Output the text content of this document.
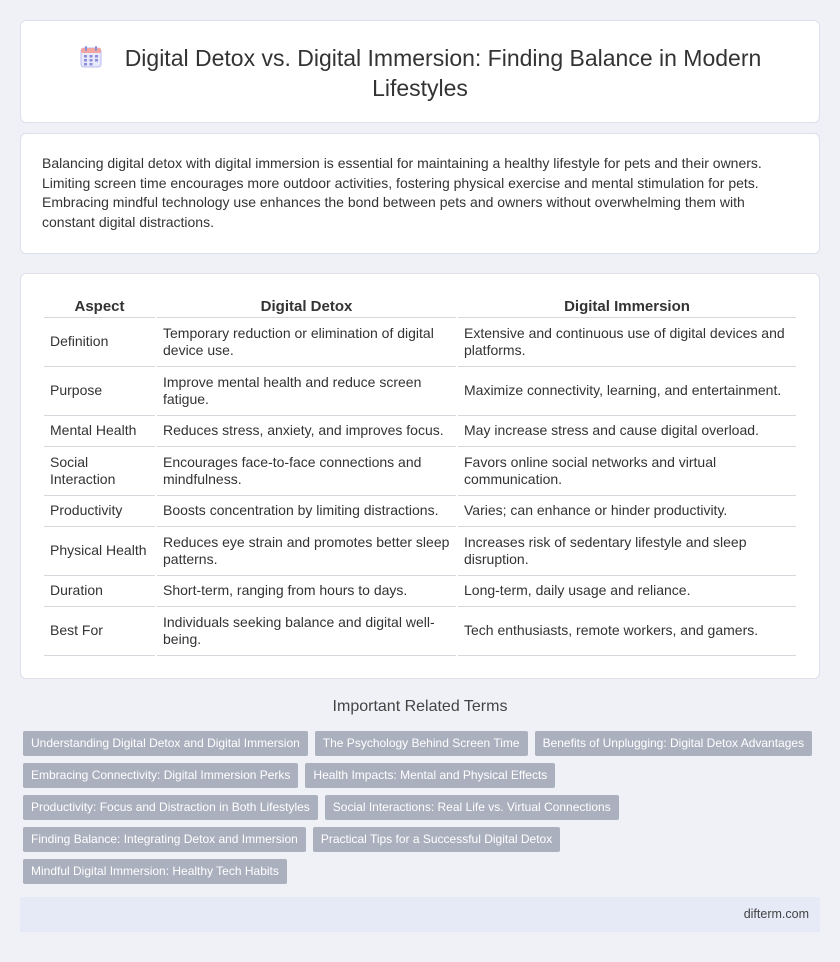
Digital Detox vs. Digital Immersion: Finding Balance in Modern Lifestyles

Balancing digital detox with digital immersion is essential for maintaining a healthy lifestyle for pets and their owners. Limiting screen time encourages more outdoor activities, fostering physical exercise and mental stimulation for pets. Embracing mindful technology use enhances the bond between pets and owners without overwhelming them with constant digital distractions.

Aspect	Digital Detox	Digital Immersion
Definition	Temporary reduction or elimination of digital device use.	Extensive and continuous use of digital devices and platforms.
Purpose	Improve mental health and reduce screen fatigue.	Maximize connectivity, learning, and entertainment.
Mental Health	Reduces stress, anxiety, and improves focus.	May increase stress and cause digital overload.
Social Interaction	Encourages face-to-face connections and mindfulness.	Favors online social networks and virtual communication.
Productivity	Boosts concentration by limiting distractions.	Varies; can enhance or hinder productivity.
Physical Health	Reduces eye strain and promotes better sleep patterns.	Increases risk of sedentary lifestyle and sleep disruption.
Duration	Short-term, ranging from hours to days.	Long-term, daily usage and reliance.
Best For	Individuals seeking balance and digital well-being.	Tech enthusiasts, remote workers, and gamers.
Important Related Terms
Understanding Digital Detox and Digital Immersion	The Psychology Behind Screen Time	Benefits of Unplugging: Digital Detox Advantages
Embracing Connectivity: Digital Immersion Perks	Health Impacts: Mental and Physical Effects
Productivity: Focus and Distraction in Both Lifestyles	Social Interactions: Real Life vs. Virtual Connections
Finding Balance: Integrating Detox and Immersion	Practical Tips for a Successful Digital Detox
Mindful Digital Immersion: Healthy Tech Habits
difterm.com
